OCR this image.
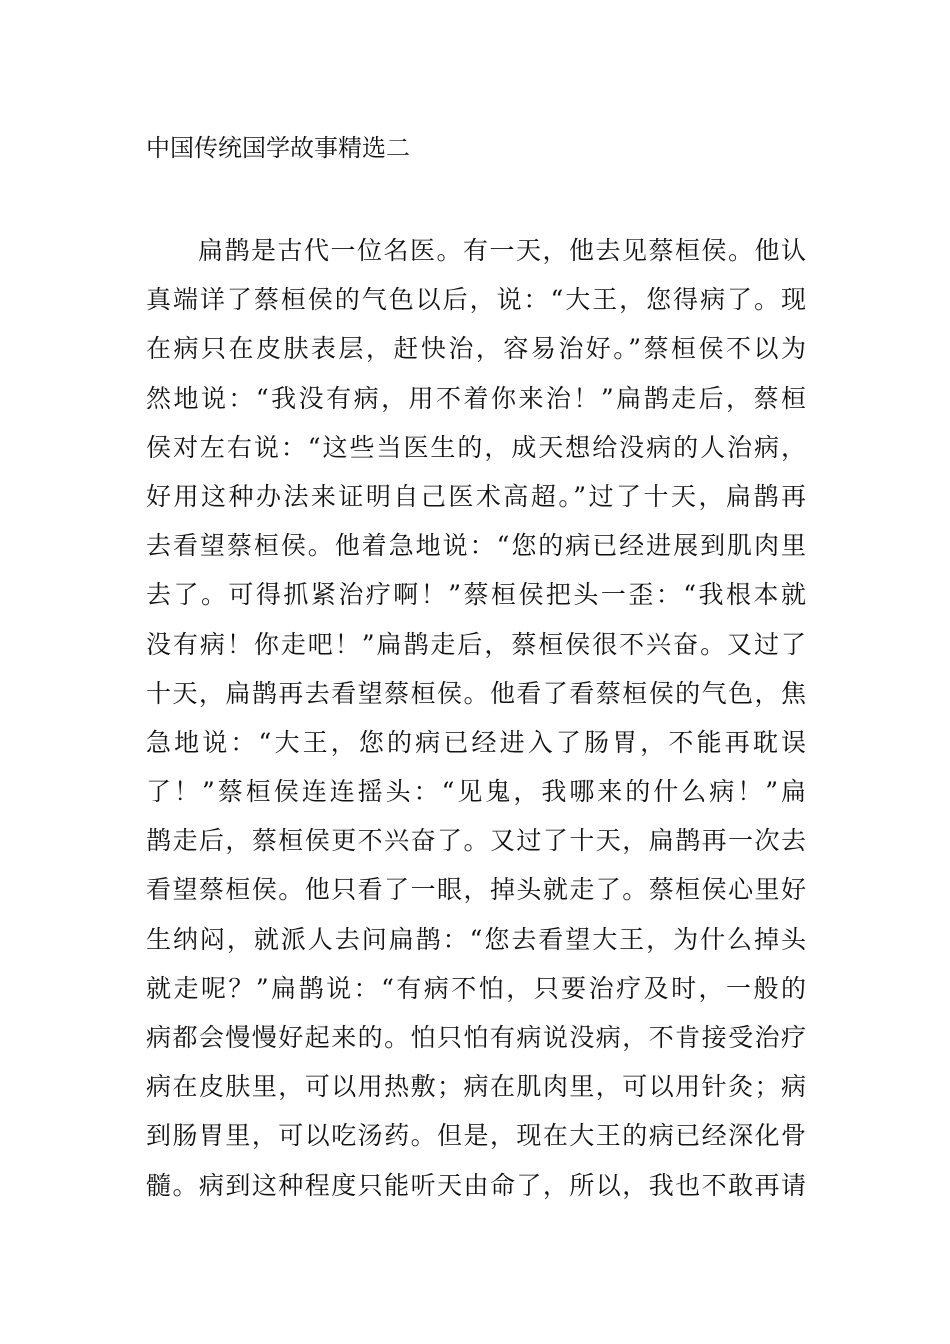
中国传统国学故事精选二
扁鹊是古代一位名医。有一天，他去见蔡桓侯。他认
真端详了蔡桓侯的气色以后，说：“大王，您得病了。现
在病只在皮肤表层，赶快治，容易治好。”蔡桓侯不以为
然地说：“我没有病，用不着你来治！”扁鹊走后，蔡桓
侯对左右说：“这些当医生的，成天想给没病的人治病，
好用这种办法来证明自己医术高超。”过了十天，扁鹊再
去看望蔡桓侯。他着急地说：“您的病已经进展到肌肉里
去了。可得抓紧治疗啊！”蔡桓侯把头一歪：“我根本就
没有病！你走吧！”扁鹊走后，蔡桓侯很不兴奋。又过了
十天，扁鹊再去看望蔡桓侯。他看了看蔡桓侯的气色，焦
急地说：“大王，您的病已经进入了肠胃，不能再耽误
了！”蔡桓侯连连摇头：“见鬼，我哪来的什么病！”扁
鹊走后，蔡桓侯更不兴奋了。又过了十天，扁鹊再一次去
看望蔡桓侯。他只看了一眼，掉头就走了。蔡桓侯心里好
生纳闷，就派人去问扁鹊：“您去看望大王，为什么掉头
就走呢？”扁鹊说：“有病不怕，只要治疗及时，一般的
病都会慢慢好起来的。怕只怕有病说没病，不肯接受治疗
病在皮肤里，可以用热敷；病在肌肉里，可以用针灸；病
到肠胃里，可以吃汤药。但是，现在大王的病已经深化骨
髓。病到这种程度只能听天由命了，所以，我也不敢再请
